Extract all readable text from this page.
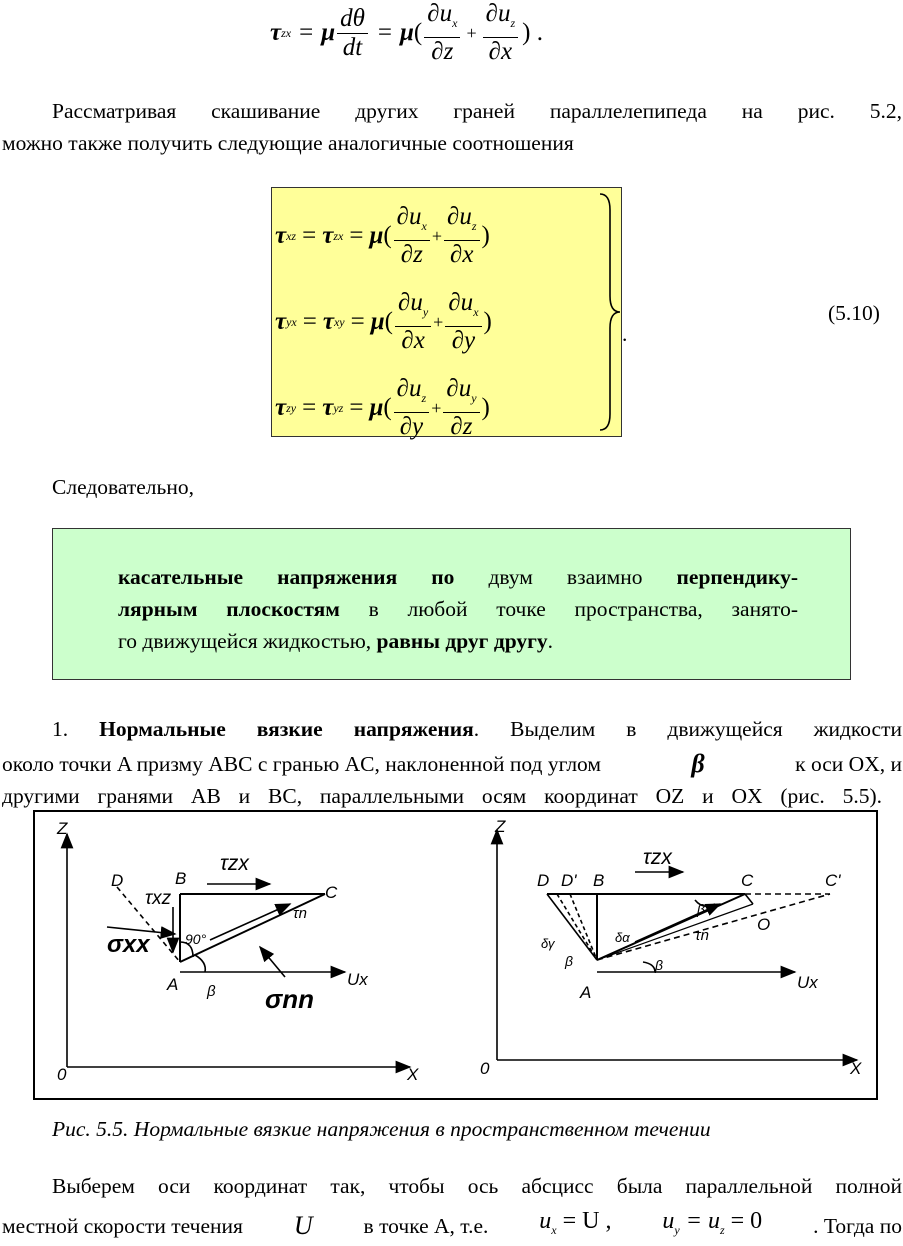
τ zx = μ $\frac{d\theta}{dt} = \mu$ ( $\frac{\partial u_x}{\partial z} + \frac{\partial u_z}{\partial x}$ ) .
Рассматривая скашивание других граней параллелепипеда на рис. 5.2,
можно также получить следующие аналогичные соотношения
τ xz = τ zx = μ ( $\frac{\partial u_x}{\partial z} + \frac{\partial u_z}{\partial x}$ )
τ yx = τ xy = μ ( $\frac{\partial u_y}{\partial x} + \frac{\partial u_x}{\partial y}$ )
τ zy = τ yz = μ ( $\frac{\partial u_z}{\partial y} + \frac{\partial u_y}{\partial z}$ )
.
(5.10)
Следовательно,
касательные напряжения по двум взаимно перпендику-
лярным плоскостям в любой точке пространства, занято-
го движущейся жидкостью, равны друг другу.
1. Нормальные вязкие напряжения. Выделим в движущейся жидкости
около точки A призму ABC с гранью AC, наклоненной под углом	β	к оси OX, и
другими гранями AB и BC, параллельными осям координат OZ и OX (рис. 5.5).
Z
0	X
D	B
C
A
τxz
τzx
σxx	90°
τn
β
Ux
σnn
Z
0	X
D D' B	C	C'
O
A
τzx
β
β
β
δγ	δα	τn
Ux
Рис. 5.5. Нормальные вязкие напряжения в пространственном течении
Выберем оси координат так, чтобы ось абсцисс была параллельной полной
местной скорости течения U в точке A, т.е. $u_x = U$ , $u_y = u_z = 0$ . Тогда по
